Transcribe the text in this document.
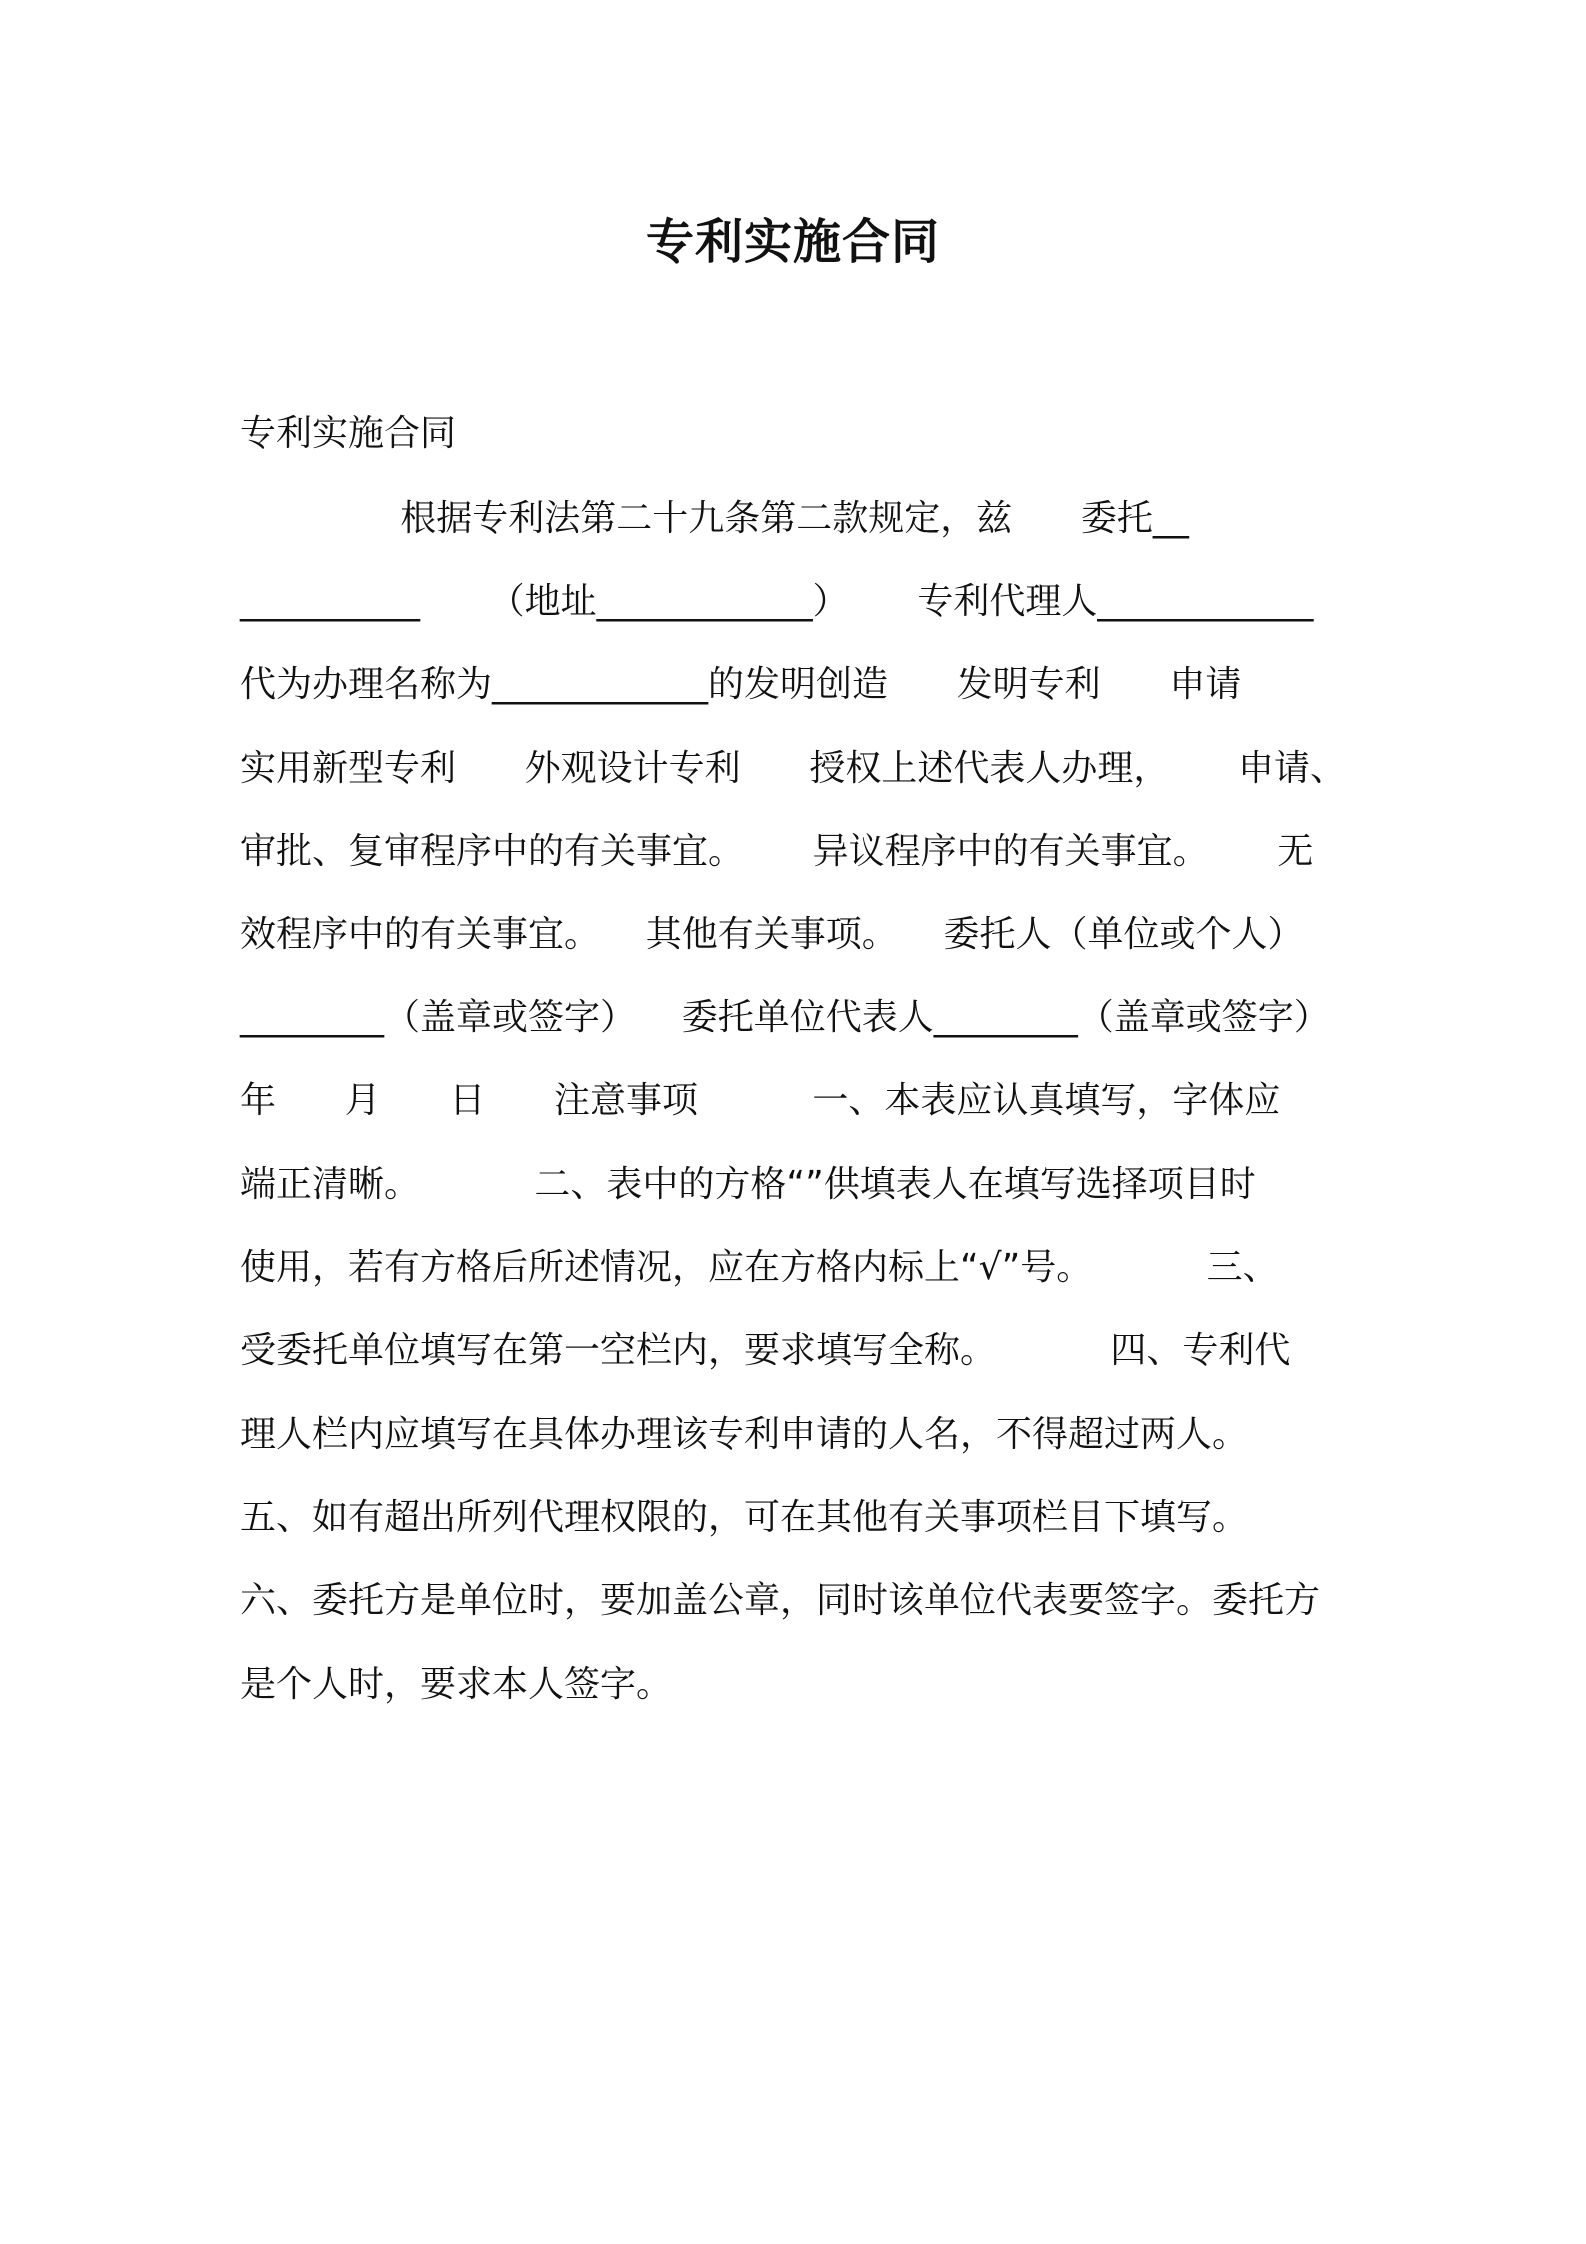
专利实施合同

专利实施合同

根据专利法第二十九条第二款规定，兹      委托__

__________      （地址____________）      专利代理人____________

代为办理名称为____________的发明创造      发明专利      申请

实用新型专利      外观设计专利      授权上述代表人办理，      申请、

审批、复审程序中的有关事宜。      异议程序中的有关事宜。      无

效程序中的有关事宜。    其他有关事项。    委托人（单位或个人）

________（盖章或签字）    委托单位代表人________（盖章或签字）

年      月      日      注意事项          一、本表应认真填写，字体应

端正清晰。          二、表中的方格“”供填表人在填写选择项目时

使用，若有方格后所述情况，应在方格内标上“√”号。          三、

受委托单位填写在第一空栏内，要求填写全称。          四、专利代

理人栏内应填写在具体办理该专利申请的人名，不得超过两人。

五、如有超出所列代理权限的，可在其他有关事项栏目下填写。

六、委托方是单位时，要加盖公章，同时该单位代表要签字。委托方

是个人时，要求本人签字。
